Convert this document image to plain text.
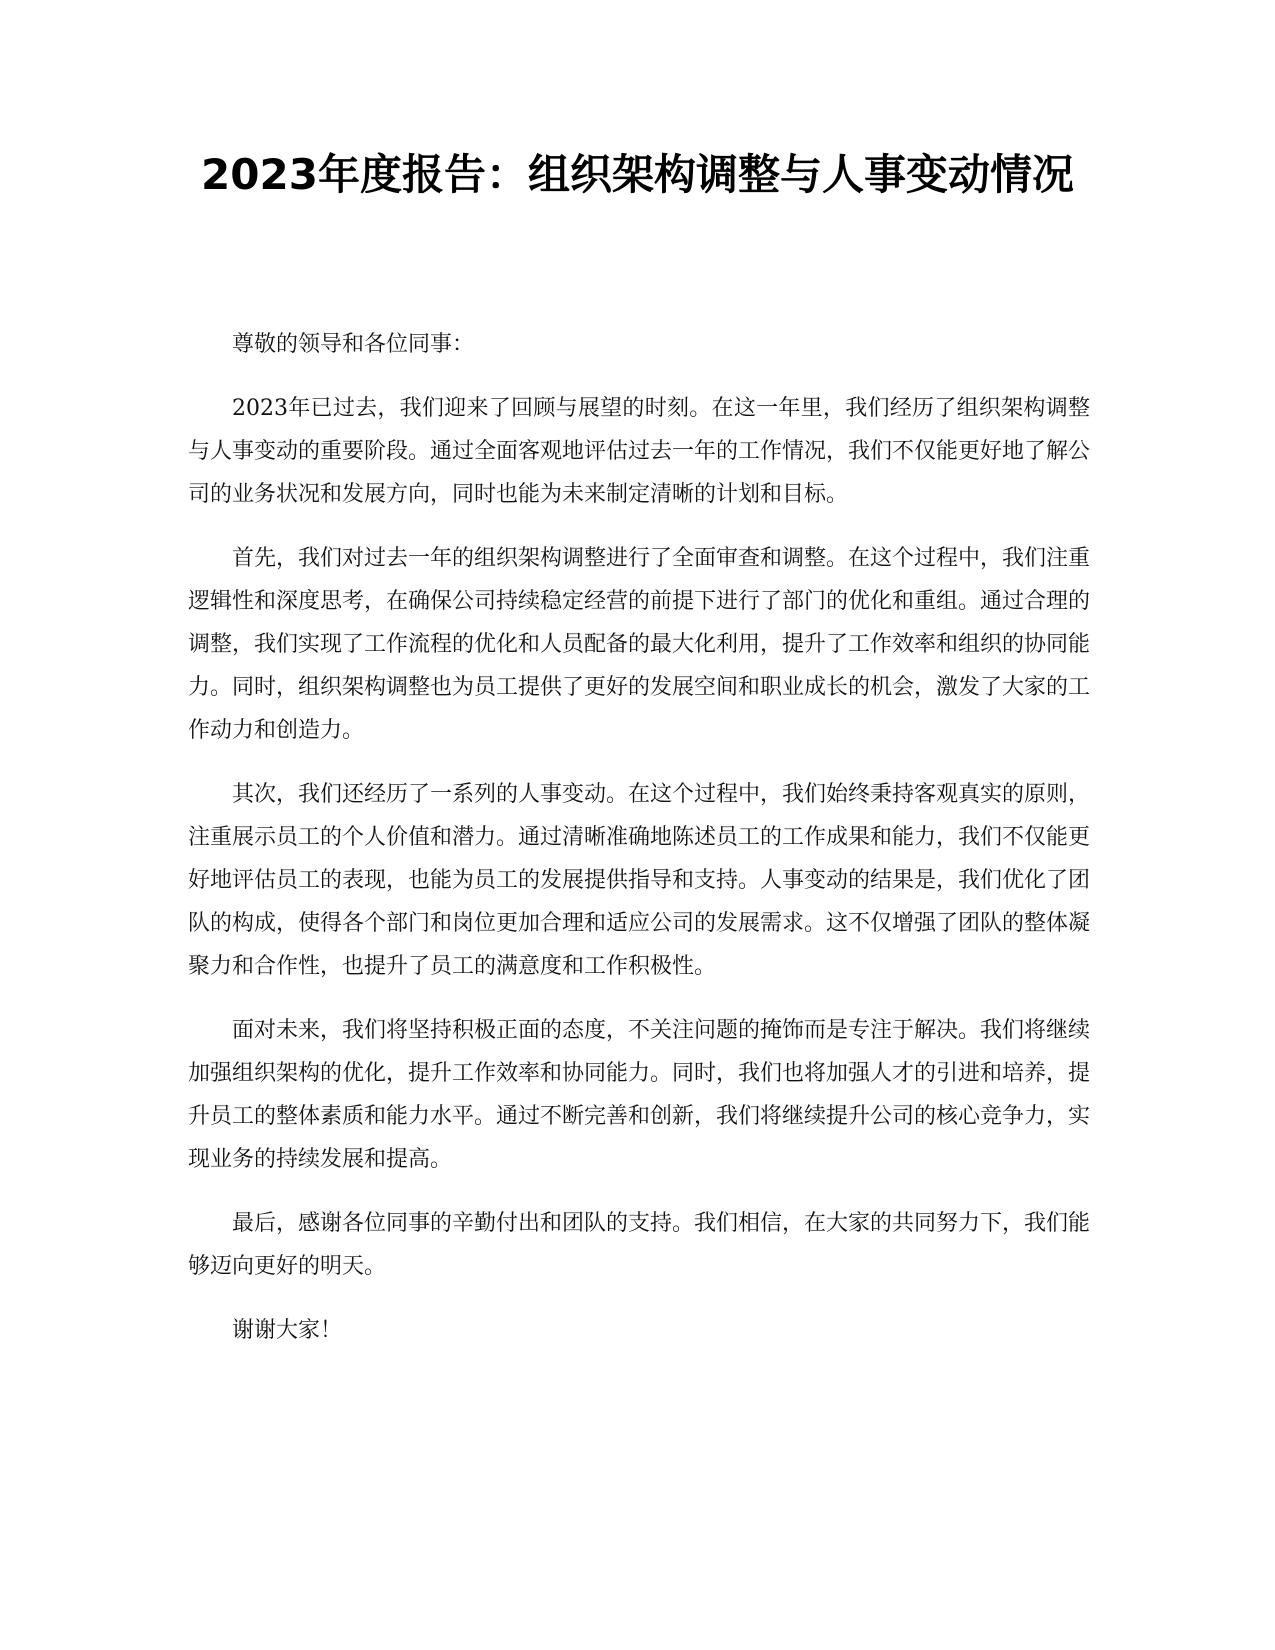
2023年度报告：组织架构调整与人事变动情况

尊敬的领导和各位同事：

2023年已过去，我们迎来了回顾与展望的时刻。在这一年里，我们经历了组织架构调整与人事变动的重要阶段。通过全面客观地评估过去一年的工作情况，我们不仅能更好地了解公司的业务状况和发展方向，同时也能为未来制定清晰的计划和目标。

首先，我们对过去一年的组织架构调整进行了全面审查和调整。在这个过程中，我们注重逻辑性和深度思考，在确保公司持续稳定经营的前提下进行了部门的优化和重组。通过合理的调整，我们实现了工作流程的优化和人员配备的最大化利用，提升了工作效率和组织的协同能力。同时，组织架构调整也为员工提供了更好的发展空间和职业成长的机会，激发了大家的工作动力和创造力。

其次，我们还经历了一系列的人事变动。在这个过程中，我们始终秉持客观真实的原则，注重展示员工的个人价值和潜力。通过清晰准确地陈述员工的工作成果和能力，我们不仅能更好地评估员工的表现，也能为员工的发展提供指导和支持。人事变动的结果是，我们优化了团队的构成，使得各个部门和岗位更加合理和适应公司的发展需求。这不仅增强了团队的整体凝聚力和合作性，也提升了员工的满意度和工作积极性。

面对未来，我们将坚持积极正面的态度，不关注问题的掩饰而是专注于解决。我们将继续加强组织架构的优化，提升工作效率和协同能力。同时，我们也将加强人才的引进和培养，提升员工的整体素质和能力水平。通过不断完善和创新，我们将继续提升公司的核心竞争力，实现业务的持续发展和提高。

最后，感谢各位同事的辛勤付出和团队的支持。我们相信，在大家的共同努力下，我们能够迈向更好的明天。

谢谢大家！
